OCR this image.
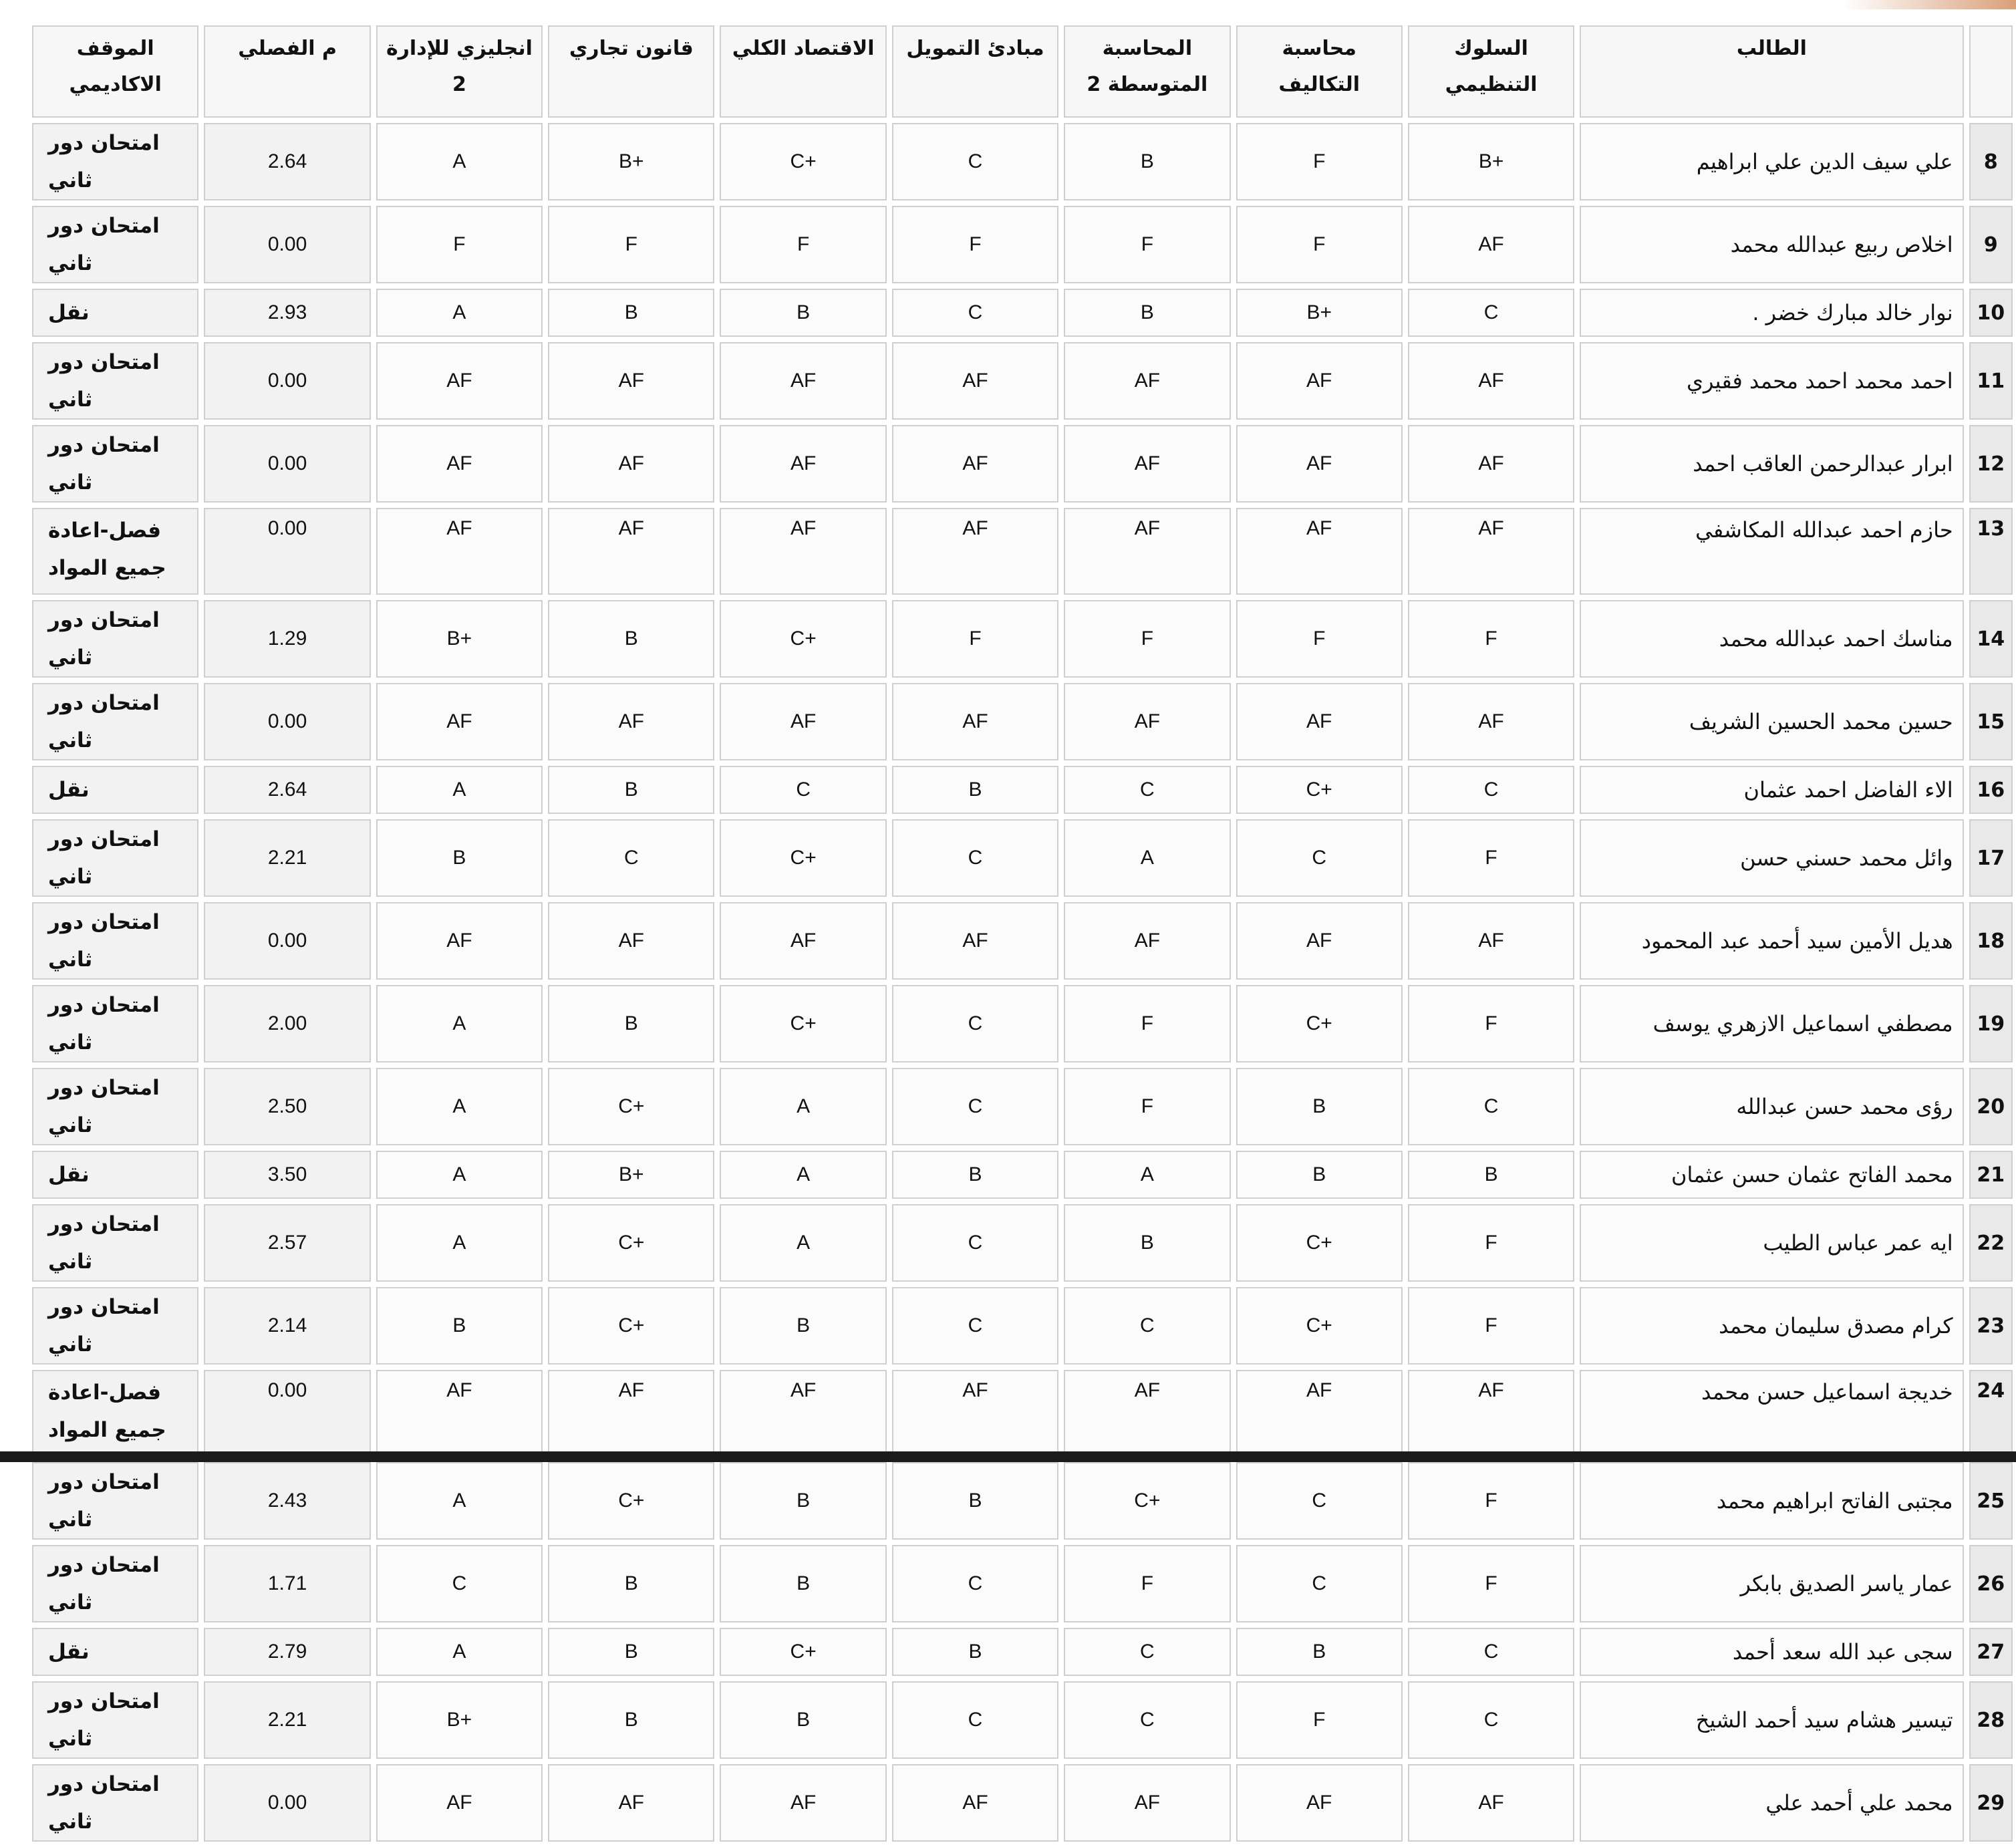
	الطالب	السلوك التنظيمي	محاسبة التكاليف	المحاسبة المتوسطة 2	مبادئ التمويل	الاقتصاد الكلي	قانون تجاري	انجليزي للإدارة 2	م الفصلي	الموقف الاكاديمي
8	علي سيف الدين علي ابراهيم	+B	F	B	C	+C	+B	A	2.64	امتحان دور ثاني
9	اخلاص ربيع عبدالله محمد	AF	F	F	F	F	F	F	0.00	امتحان دور ثاني
10	نوار خالد مبارك خضر .	C	+B	B	C	B	B	A	2.93	نقل
11	احمد محمد احمد محمد فقيري	AF	AF	AF	AF	AF	AF	AF	0.00	امتحان دور ثاني
12	ابرار عبدالرحمن العاقب احمد	AF	AF	AF	AF	AF	AF	AF	0.00	امتحان دور ثاني
13	حازم احمد عبدالله المكاشفي	AF	AF	AF	AF	AF	AF	AF	0.00	فصل-اعادة جميع المواد
14	مناسك احمد عبدالله محمد	F	F	F	F	+C	B	+B	1.29	امتحان دور ثاني
15	حسين محمد الحسين الشريف	AF	AF	AF	AF	AF	AF	AF	0.00	امتحان دور ثاني
16	الاء الفاضل احمد عثمان	C	+C	C	B	C	B	A	2.64	نقل
17	وائل محمد حسني حسن	F	C	A	C	+C	C	B	2.21	امتحان دور ثاني
18	هديل الأمين سيد أحمد عبد المحمود	AF	AF	AF	AF	AF	AF	AF	0.00	امتحان دور ثاني
19	مصطفي اسماعيل الازهري يوسف	F	+C	F	C	+C	B	A	2.00	امتحان دور ثاني
20	رؤى محمد حسن عبدالله	C	B	F	C	A	+C	A	2.50	امتحان دور ثاني
21	محمد الفاتح عثمان حسن عثمان	B	B	A	B	A	+B	A	3.50	نقل
22	ايه عمر عباس الطيب	F	+C	B	C	A	+C	A	2.57	امتحان دور ثاني
23	كرام مصدق سليمان محمد	F	+C	C	C	B	+C	B	2.14	امتحان دور ثاني
24	خديجة اسماعيل حسن محمد	AF	AF	AF	AF	AF	AF	AF	0.00	فصل-اعادة جميع المواد
25	مجتبى الفاتح ابراهيم محمد	F	C	+C	B	B	+C	A	2.43	امتحان دور ثاني
26	عمار ياسر الصديق بابكر	F	C	F	C	B	B	C	1.71	امتحان دور ثاني
27	سجى عبد الله سعد أحمد	C	B	C	B	+C	B	A	2.79	نقل
28	تيسير هشام سيد أحمد الشيخ	C	F	C	C	B	B	+B	2.21	امتحان دور ثاني
29	محمد علي أحمد علي	AF	AF	AF	AF	AF	AF	AF	0.00	امتحان دور ثاني
